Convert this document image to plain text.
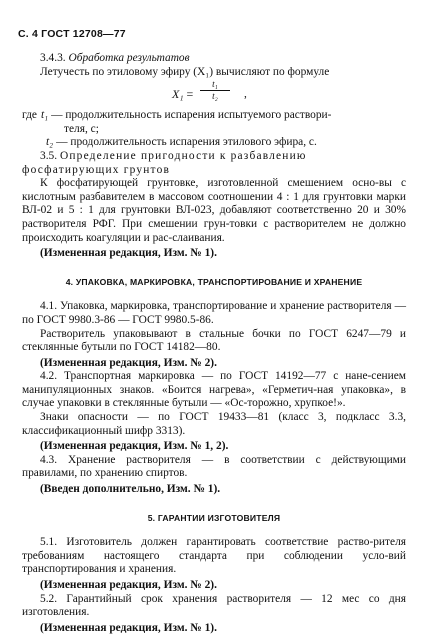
С. 4 ГОСТ 12708—77

3.4.3. Обработка результатов

Летучесть по этиловому эфиру (X₁) вычисляют по формуле

$X_1 = \frac{\text{t₁}}{\text{t₂}}$ ,
где t₁ — продолжительность испарения испытуемого раствори-
теля, с;
t₂ — продолжительность испарения этилового эфира, с.

3.5. Определение пригодности к разбавлению

фосфатирующих грунтов

К фосфатирующей грунтовке, изготовленной смешением осно-вы с кислотным разбавителем в массовом соотношении 4 : 1 для грунтовки марки ВЛ-02 и 5 : 1 для грунтовки ВЛ-023, добавляют соответственно 20 и 30% растворителя РФГ. При смешении грун-товки с растворителем не должно происходить коагуляции и рас-слаивания.

(Измененная редакция, Изм. № 1).

4. УПАКОВКА, МАРКИРОВКА, ТРАНСПОРТИРОВАНИЕ И ХРАНЕНИЕ

4.1. Упаковка, маркировка, транспортирование и хранение растворителя — по ГОСТ 9980.3-86 — ГОСТ 9980.5-86.

Растворитель упаковывают в стальные бочки по ГОСТ 6247—79 и стеклянные бутыли по ГОСТ 14182—80.

(Измененная редакция, Изм. № 2).

4.2. Транспортная маркировка — по ГОСТ 14192—77 с нане-сением манипуляционных знаков. «Боится нагрева», «Герметич-ная упаковка», в случае упаковки в стеклянные бутыли — «Ос-торожно, хрупкое!».

Знаки опасности — по ГОСТ 19433—81 (класс 3, подкласс 3.3, классификационный шифр 3313).

(Измененная редакция, Изм. № 1, 2).

4.3. Хранение растворителя — в соответствии с действующими правилами, по хранению спиртов.

(Введен дополнительно, Изм. № 1).

5. ГАРАНТИИ ИЗГОТОВИТЕЛЯ

5.1. Изготовитель должен гарантировать соответствие раство-рителя требованиям настоящего стандарта при соблюдении усло-вий транспортирования и хранения.

(Измененная редакция, Изм. № 2).

5.2. Гарантийный срок хранения растворителя — 12 мес со дня изготовления.

(Измененная редакция, Изм. № 1).
